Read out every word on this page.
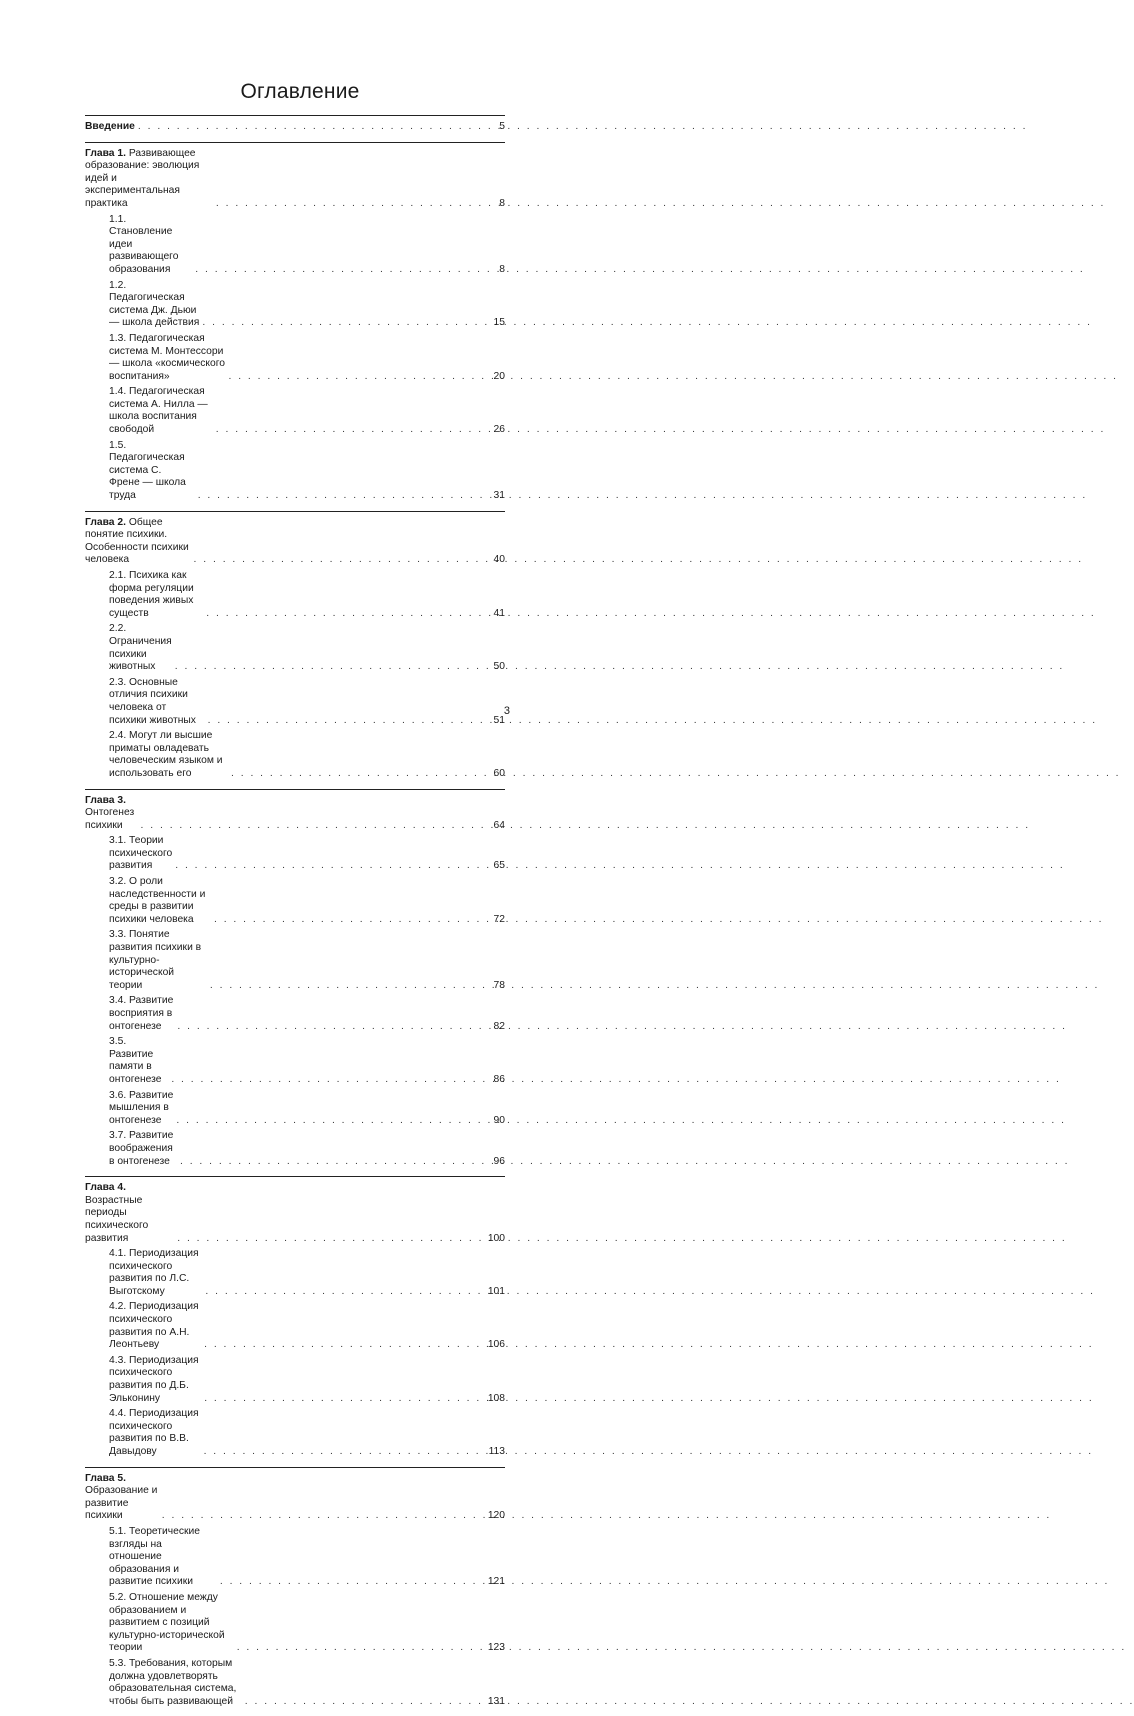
Оглавление
Введение . . .	5
Глава 1. Развивающее образование: эволюция идей и экспериментальная практика . . .	8
1.1. Становление идеи развивающего образования . . .	8
1.2. Педагогическая система Дж. Дьюи — школа действия . . .	15
1.3. Педагогическая система М. Монтессори — школа «космического воспитания» . . .	20
1.4. Педагогическая система А. Нилла — школа воспитания свободой . . .	26
1.5. Педагогическая система С. Френе — школа труда . . .	31
Глава 2. Общее понятие психики. Особенности психики человека . . .	40
2.1. Психика как форма регуляции поведения живых существ . . .	41
2.2. Ограничения психики животных . . .	50
2.3. Основные отличия психики человека от психики животных . . .	51
2.4. Могут ли высшие приматы овладевать человеческим языком и использовать его . . .	60
Глава 3. Онтогенез психики . . .	64
3.1. Теории психического развития . . .	65
3.2. О роли наследственности и среды в развитии психики человека . . .	72
3.3. Понятие развития психики в культурно-исторической теории . . .	78
3.4. Развитие восприятия в онтогенезе . . .	82
3.5. Развитие памяти в онтогенезе . . .	86
3.6. Развитие мышления в онтогенезе . . .	90
3.7. Развитие воображения в онтогенезе . . .	96
Глава 4. Возрастные периоды психического развития . . .	100
4.1. Периодизация психического развития по Л.С. Выготскому . . .	101
4.2. Периодизация психического развития по А.Н. Леонтьеву . . .	106
4.3. Периодизация психического развития по Д.Б. Эльконину . . .	108
4.4. Периодизация психического развития по В.В. Давыдову . . .	113
Глава 5. Образование и развитие психики . . .	120
5.1. Теоретические взгляды на отношение образования и развитие психики . . .	121
5.2. Отношение между образованием и развитием с позиций культурно-исторической теории . . .	123
5.3. Требования, которым должна удовлетворять образовательная система, чтобы быть развивающей . . .	131
3
